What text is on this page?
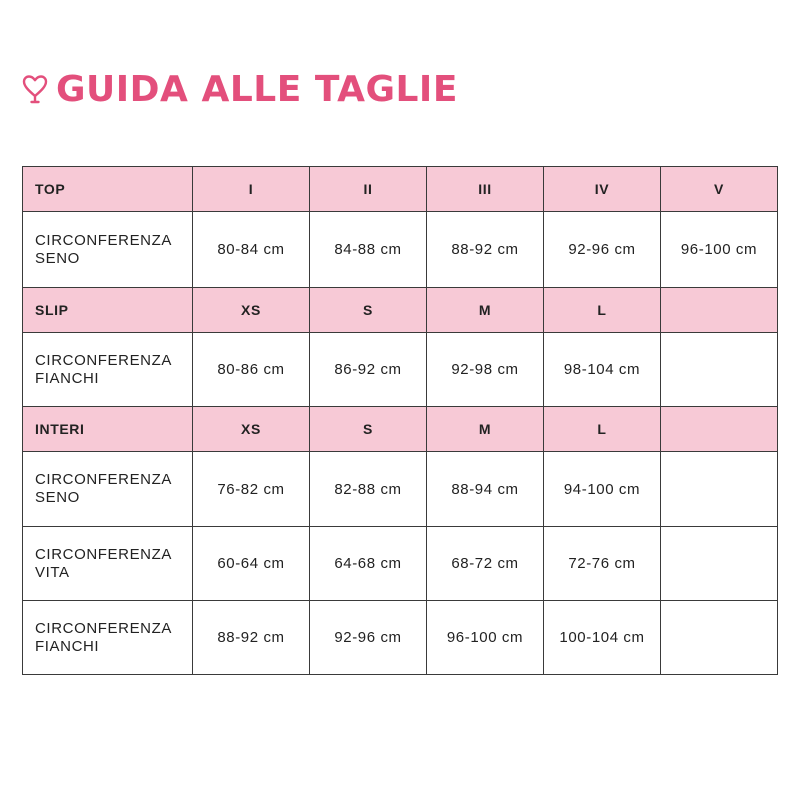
GUIDA ALLE TAGLIE
TOP	I	II	III	IV	V

CIRCONFERENZA
SENO	80-84 cm	84-88 cm	88-92 cm	92-96 cm	96-100 cm
SLIP	XS	S	M	L	

CIRCONFERENZA
FIANCHI	80-86 cm	86-92 cm	92-98 cm	98-104 cm	
INTERI	XS	S	M	L	

CIRCONFERENZA
SENO	76-82 cm	82-88 cm	88-94 cm	94-100 cm	

CIRCONFERENZA
VITA	60-64 cm	64-68 cm	68-72 cm	72-76 cm	

CIRCONFERENZA
FIANCHI	88-92 cm	92-96 cm	96-100 cm	100-104 cm	
